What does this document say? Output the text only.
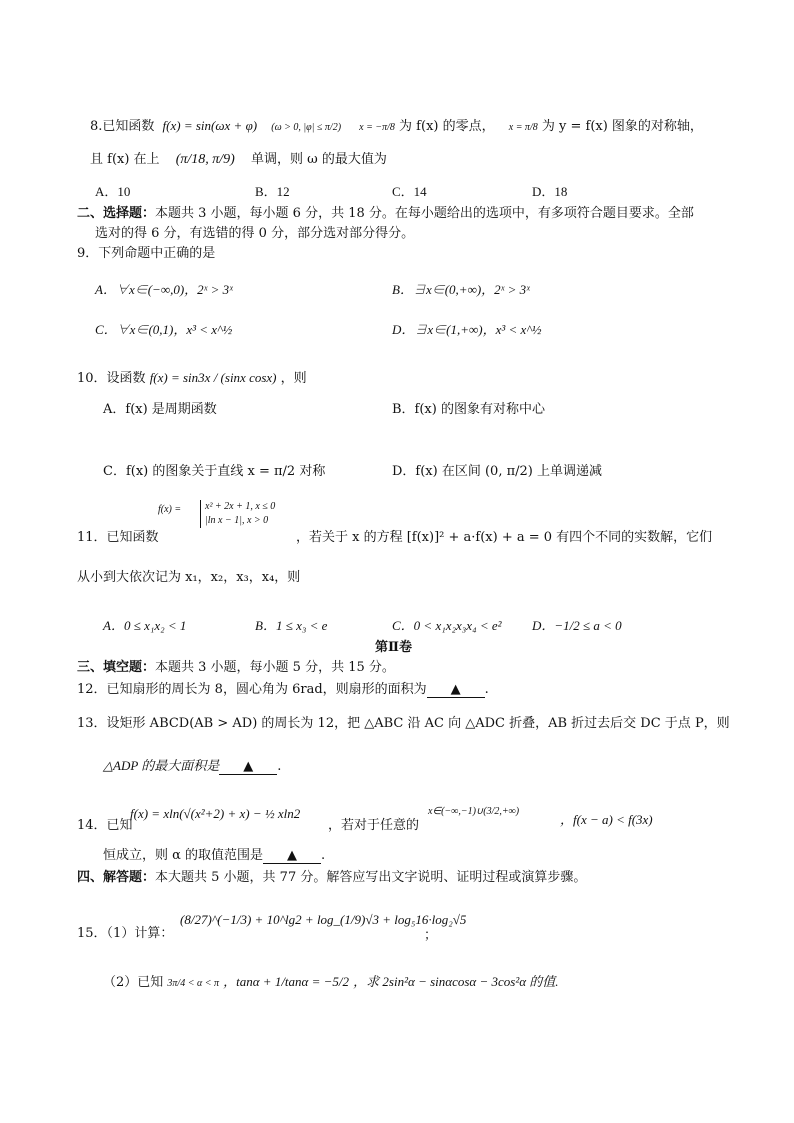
8.已知函数 f(x) = sin(ωx + φ) (ω > 0, |φ| ≤ π/2) x = −π/8 为 f(x) 的零点， x = π/8 为 y = f(x) 图象的对称轴，
且 f(x) 在上 (π/18, π/9) 单调，则 ω 的最大值为
A．10	B．12	C．14	D．18
二、选择题：本题共 3 小题，每小题 6 分，共 18 分。在每小题给出的选项中，有多项符合题目要求。全部
选对的得 6 分，有选错的得 0 分，部分选对部分得分。
9．下列命题中正确的是
A．∀x∈(−∞,0)，2ˣ > 3ˣ	B．∃x∈(0,+∞)，2ˣ > 3ˣ
C．∀x∈(0,1)，x³ < x^½	D．∃x∈(1,+∞)，x³ < x^½
10．设函数 f(x) = sin3x / (sinx cosx) ，则
A．f(x) 是周期函数	B．f(x) 的图象有对称中心
C．f(x) 的图象关于直线 x = π/2 对称	D．f(x) 在区间 (0, π/2) 上单调递减
11．已知函数
f(x) = x² + 2x + 1, x ≤ 0
|ln x − 1|, x > 0
，若关于 x 的方程 [f(x)]² + a·f(x) + a = 0 有四个不同的实数解，它们
从小到大依次记为 x₁，x₂，x₃，x₄，则
A．0 ≤ x₁x₂ < 1	B．1 ≤ x₃ < e	C．0 < x₁x₂x₃x₄ < e² D．−1/2 ≤ a < 0
第Ⅱ卷
三、填空题：本题共 3 小题，每小题 5 分，共 15 分。
12．已知扇形的周长为 8，圆心角为 6rad，则扇形的面积为 ▲ .
13．设矩形 ABCD(AB > AD) 的周长为 12，把 △ABC 沿 AC 向 △ADC 折叠，AB 折过去后交 DC 于点 P，则
△ADP 的最大面积是 ▲ .
14．已知
f(x) = xln(√(x²+2) + x) − ½ xln2
，若对于任意的
x∈(−∞,−1)∪(3/2,+∞)
，f(x − a) < f(3x)
恒成立，则 α 的取值范围是 ▲ .
四、解答题：本大题共 5 小题，共 77 分。解答应写出文字说明、证明过程或演算步骤。
15．（1）计算：
(8/27)^(−1/3) + 10^lg2 + log_(1/9)√3 + log₅16·log₂√5
；
（2）已知 3π/4 < α < π ，tanα + 1/tanα = −5/2 ，求 2sin²α − sinαcosα − 3cos²α 的值.
